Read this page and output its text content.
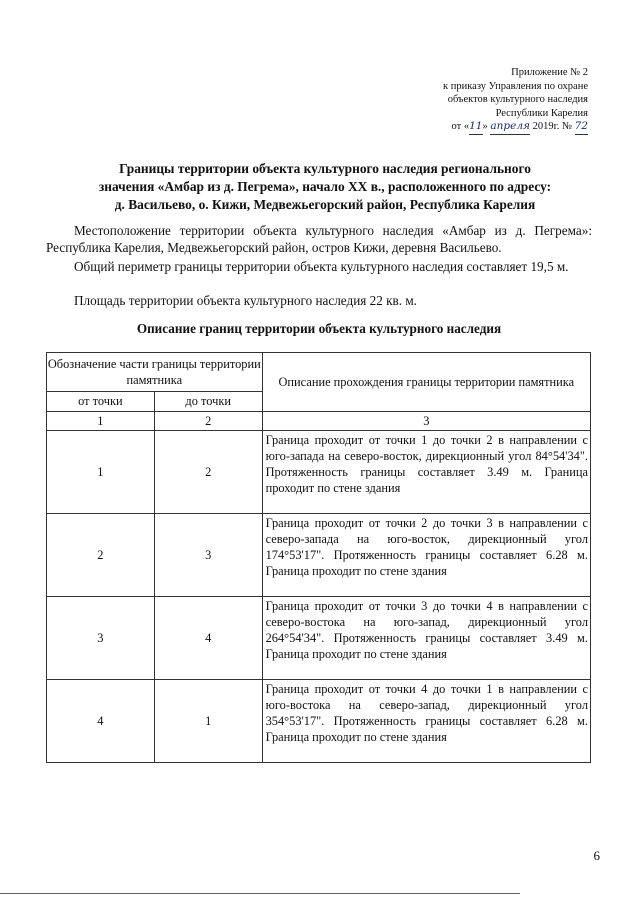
Приложение № 2
к приказу Управления по охране
объектов культурного наследия
Республики Карелия
от «11» апреля 2019г. № 72
Границы территории объекта культурного наследия регионального
значения «Амбар из д. Пегрема», начало XX в., расположенного по адресу:
д. Васильево, о. Кижи, Медвежьегорский район, Республика Карелия
Местоположение территории объекта культурного наследия «Амбар из д. Пегрема»: Республика Карелия, Медвежьегорский район, остров Кижи, деревня Васильево.
Общий периметр границы территории объекта культурного наследия составляет 19,5 м.
Площадь территории объекта культурного наследия 22 кв. м.
Описание границ территории объекта культурного наследия
Обозначение части границы территории памятника		Описание прохождения границы территории памятника
от точки	до точки	
1	2	3
1	2	Граница проходит от точки 1 до точки 2 в направлении с юго-запада на северо-восток, дирекционный угол 84°54'34". Протяженность границы составляет 3.49 м. Граница проходит по стене здания
2	3	Граница проходит от точки 2 до точки 3 в направлении с северо-запада на юго-восток, дирекционный угол 174°53'17". Протяженность границы составляет 6.28 м. Граница проходит по стене здания
3	4	Граница проходит от точки 3 до точки 4 в направлении с северо-востока на юго-запад, дирекционный угол 264°54'34". Протяженность границы составляет 3.49 м. Граница проходит по стене здания
4	1	Граница проходит от точки 4 до точки 1 в направлении с юго-востока на северо-запад, дирекционный угол 354°53'17". Протяженность границы составляет 6.28 м. Граница проходит по стене здания
6
